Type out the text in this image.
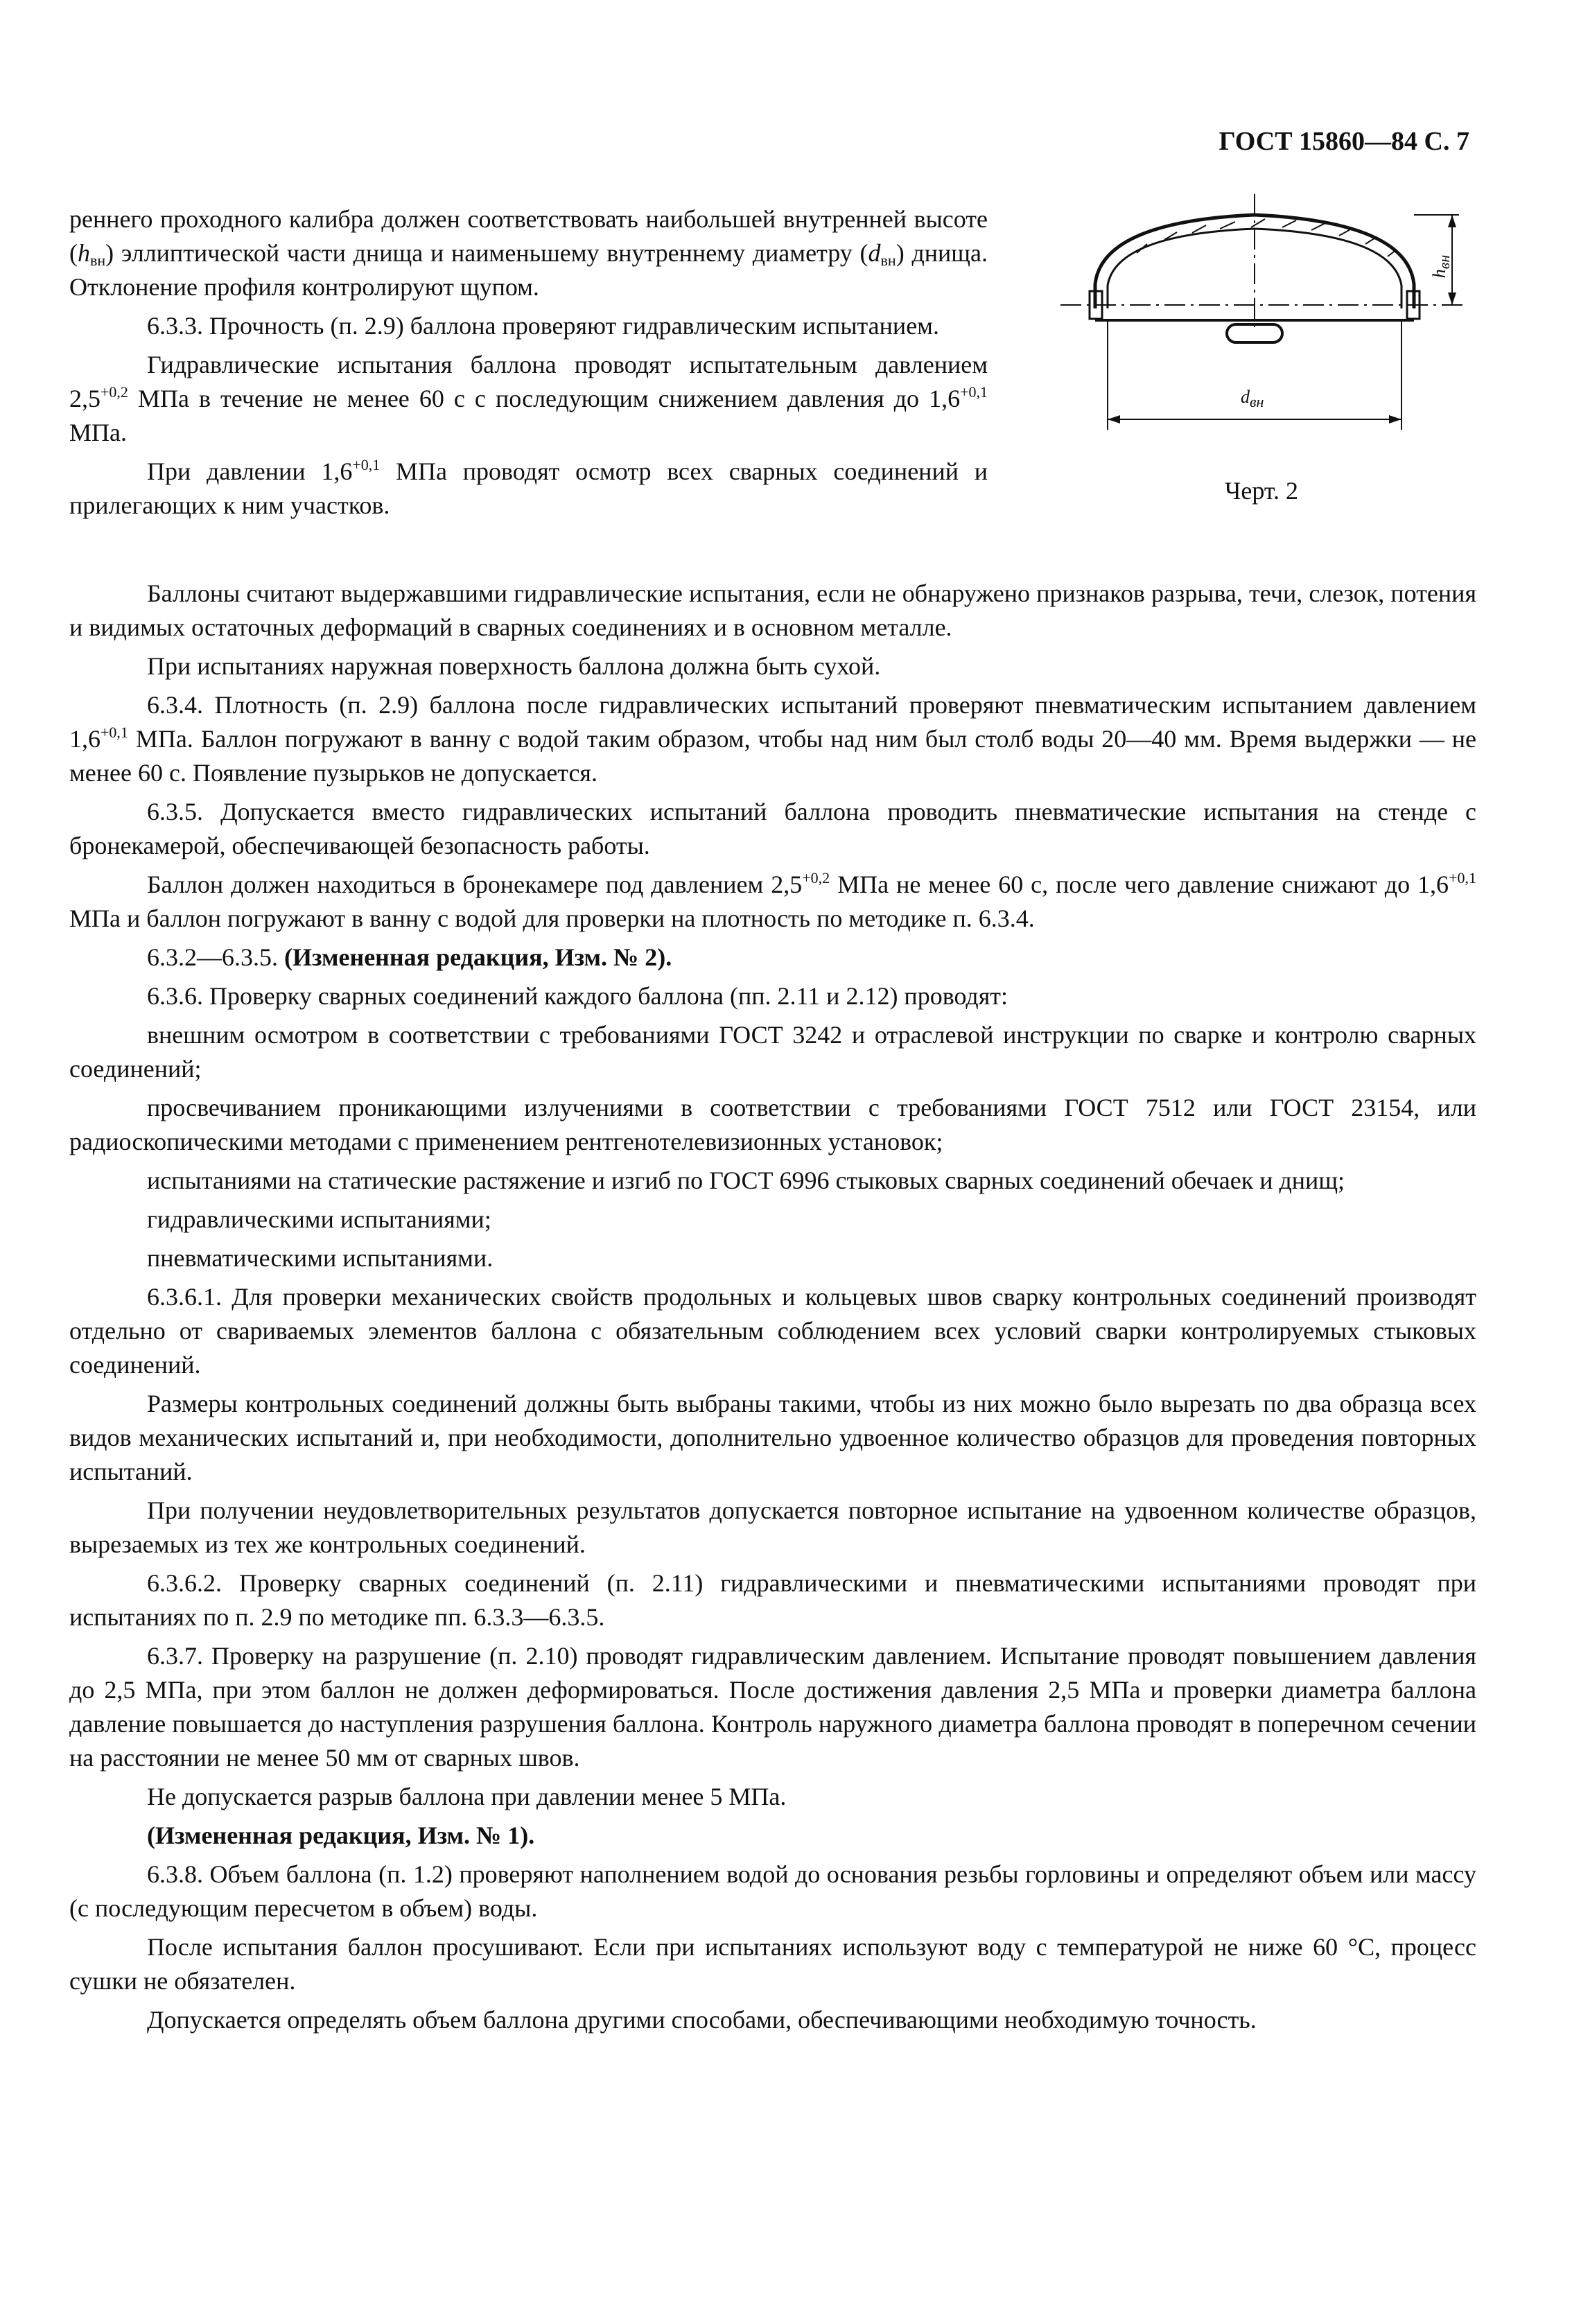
ГОСТ 15860—84 С. 7

реннего проходного калибра должен соответствовать наибольшей внутренней высоте $(h_{вн})$ эллиптической части днища и наименьшему внутреннему диаметру $(d_{вн})$ днища. Отклонение профиля контролируют щупом.

6.3.3. Прочность (п. 2.9) баллона проверяют гидравлическим испытанием.

Гидравлические испытания баллона проводят испытательным давлением $2,5^{+0,2}$ МПа в течение не менее 60 с с последующим снижением давления до $1,6^{+0,1}$ МПа.

При давлении $1,6^{+0,1}$ МПа проводят осмотр всех сварных соединений и прилегающих к ним участков.

$d_{вн}$
$h_{вн}$
Черт. 2

Баллоны считают выдержавшими гидравлические испытания, если не обнаружено признаков разрыва, течи, слезок, потения и видимых остаточных деформаций в сварных соединениях и в основном металле.

При испытаниях наружная поверхность баллона должна быть сухой.

6.3.4. Плотность (п. 2.9) баллона после гидравлических испытаний проверяют пневматическим испытанием давлением $1,6^{+0,1}$ МПа. Баллон погружают в ванну с водой таким образом, чтобы над ним был столб воды 20—40 мм. Время выдержки — не менее 60 с. Появление пузырьков не допускается.

6.3.5. Допускается вместо гидравлических испытаний баллона проводить пневматические испытания на стенде с бронекамерой, обеспечивающей безопасность работы.

Баллон должен находиться в бронекамере под давлением $2,5^{+0,2}$ МПа не менее 60 с, после чего давление снижают до $1,6^{+0,1}$ МПа и баллон погружают в ванну с водой для проверки на плотность по методике п. 6.3.4.

6.3.2—6.3.5. (Измененная редакция, Изм. № 2).

6.3.6. Проверку сварных соединений каждого баллона (пп. 2.11 и 2.12) проводят:

внешним осмотром в соответствии с требованиями ГОСТ 3242 и отраслевой инструкции по сварке и контролю сварных соединений;

просвечиванием проникающими излучениями в соответствии с требованиями ГОСТ 7512 или ГОСТ 23154, или радиоскопическими методами с применением рентгенотелевизионных установок;

испытаниями на статические растяжение и изгиб по ГОСТ 6996 стыковых сварных соединений обечаек и днищ;

гидравлическими испытаниями;

пневматическими испытаниями.

6.3.6.1. Для проверки механических свойств продольных и кольцевых швов сварку контрольных соединений производят отдельно от свариваемых элементов баллона с обязательным соблюдением всех условий сварки контролируемых стыковых соединений.

Размеры контрольных соединений должны быть выбраны такими, чтобы из них можно было вырезать по два образца всех видов механических испытаний и, при необходимости, дополнительно удвоенное количество образцов для проведения повторных испытаний.

При получении неудовлетворительных результатов допускается повторное испытание на удвоенном количестве образцов, вырезаемых из тех же контрольных соединений.

6.3.6.2. Проверку сварных соединений (п. 2.11) гидравлическими и пневматическими испытаниями проводят при испытаниях по п. 2.9 по методике пп. 6.3.3—6.3.5.

6.3.7. Проверку на разрушение (п. 2.10) проводят гидравлическим давлением. Испытание проводят повышением давления до 2,5 МПа, при этом баллон не должен деформироваться. После достижения давления 2,5 МПа и проверки диаметра баллона давление повышается до наступления разрушения баллона. Контроль наружного диаметра баллона проводят в поперечном сечении на расстоянии не менее 50 мм от сварных швов.

Не допускается разрыв баллона при давлении менее 5 МПа.

(Измененная редакция, Изм. № 1).

6.3.8. Объем баллона (п. 1.2) проверяют наполнением водой до основания резьбы горловины и определяют объем или массу (с последующим пересчетом в объем) воды.

После испытания баллон просушивают. Если при испытаниях используют воду с температурой не ниже 60 °С, процесс сушки не обязателен.

Допускается определять объем баллона другими способами, обеспечивающими необходимую точность.
